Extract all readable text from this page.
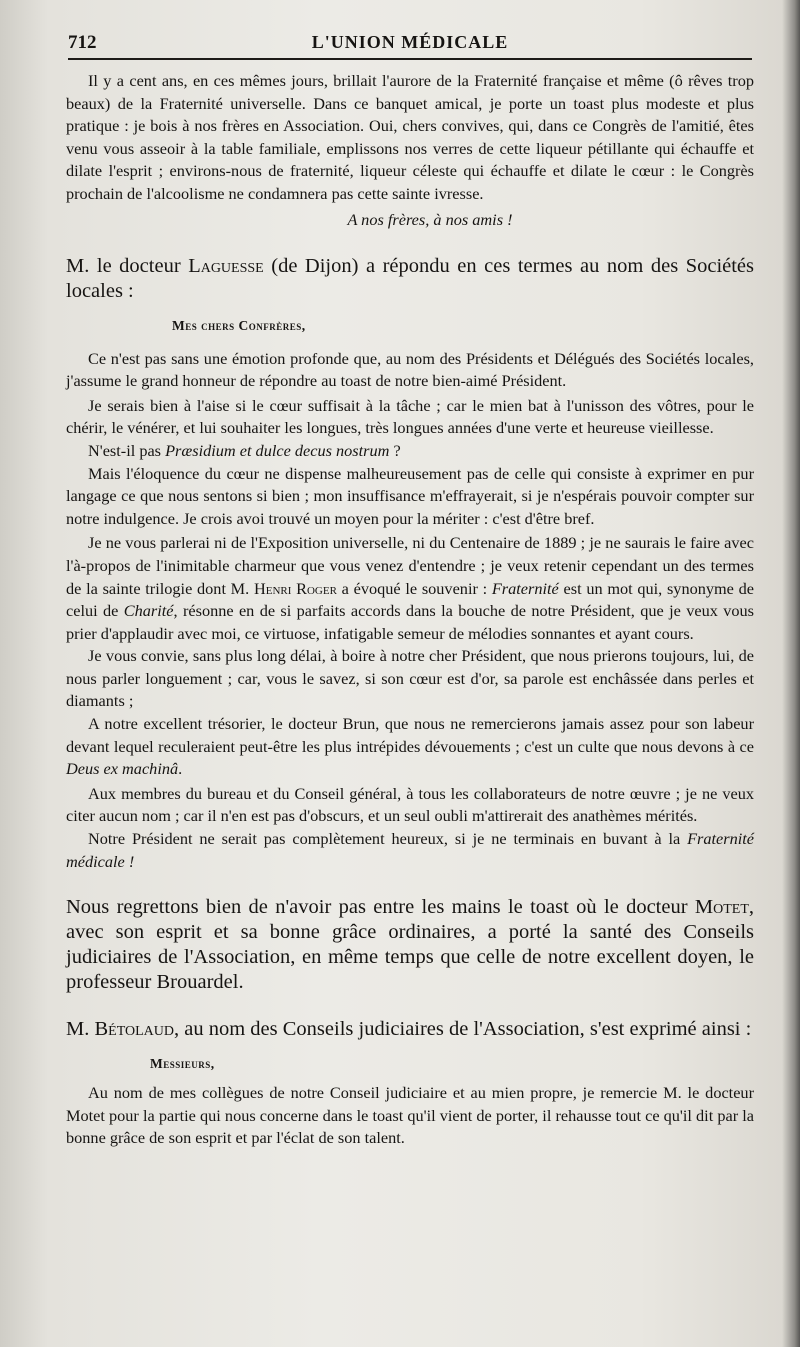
712	L'UNION MÉDICALE

Il y a cent ans, en ces mêmes jours, brillait l'aurore de la Fraternité française et même (ô rêves trop beaux) de la Fraternité universelle. Dans ce banquet amical, je porte un toast plus modeste et plus pratique : je bois à nos frères en Association. Oui, chers convives, qui, dans ce Congrès de l'amitié, êtes venu vous asseoir à la table familiale, emplissons nos verres de cette liqueur pétillante qui échauffe et dilate l'esprit ; environs-nous de fraternité, liqueur céleste qui échauffe et dilate le cœur : le Congrès prochain de l'alcoolisme ne condamnera pas cette sainte ivresse.

A nos frères, à nos amis !

M. le docteur Laguesse (de Dijon) a répondu en ces termes au nom des Sociétés locales :

Mes chers Confrères,

Ce n'est pas sans une émotion profonde que, au nom des Présidents et Délégués des Sociétés locales, j'assume le grand honneur de répondre au toast de notre bien-aimé Président.

Je serais bien à l'aise si le cœur suffisait à la tâche ; car le mien bat à l'unisson des vôtres, pour le chérir, le vénérer, et lui souhaiter les longues, très longues années d'une verte et heureuse vieillesse.

N'est-il pas Præsidium et dulce decus nostrum ?

Mais l'éloquence du cœur ne dispense malheureusement pas de celle qui consiste à exprimer en pur langage ce que nous sentons si bien ; mon insuffisance m'effrayerait, si je n'espérais pouvoir compter sur notre indulgence. Je crois avoi trouvé un moyen pour la mériter : c'est d'être bref.

Je ne vous parlerai ni de l'Exposition universelle, ni du Centenaire de 1889 ; je ne saurais le faire avec l'à-propos de l'inimitable charmeur que vous venez d'entendre ; je veux retenir cependant un des termes de la sainte trilogie dont M. Henri Roger a évoqué le souvenir : Fraternité est un mot qui, synonyme de celui de Charité, résonne en de si parfaits accords dans la bouche de notre Président, que je veux vous prier d'applaudir avec moi, ce virtuose, infatigable semeur de mélodies sonnantes et ayant cours.

Je vous convie, sans plus long délai, à boire à notre cher Président, que nous prierons toujours, lui, de nous parler longuement ; car, vous le savez, si son cœur est d'or, sa parole est enchâssée dans perles et diamants ;

A notre excellent trésorier, le docteur Brun, que nous ne remercierons jamais assez pour son labeur devant lequel reculeraient peut-être les plus intrépides dévouements ; c'est un culte que nous devons à ce Deus ex machinâ.

Aux membres du bureau et du Conseil général, à tous les collaborateurs de notre œuvre ; je ne veux citer aucun nom ; car il n'en est pas d'obscurs, et un seul oubli m'attirerait des anathèmes mérités.

Notre Président ne serait pas complètement heureux, si je ne terminais en buvant à la Fraternité médicale !

Nous regrettons bien de n'avoir pas entre les mains le toast où le docteur Motet, avec son esprit et sa bonne grâce ordinaires, a porté la santé des Conseils judiciaires de l'Association, en même temps que celle de notre excellent doyen, le professeur Brouardel.

M. Bétolaud, au nom des Conseils judiciaires de l'Association, s'est exprimé ainsi :

Messieurs,

Au nom de mes collègues de notre Conseil judiciaire et au mien propre, je remercie M. le docteur Motet pour la partie qui nous concerne dans le toast qu'il vient de porter, il rehausse tout ce qu'il dit par la bonne grâce de son esprit et par l'éclat de son talent.
